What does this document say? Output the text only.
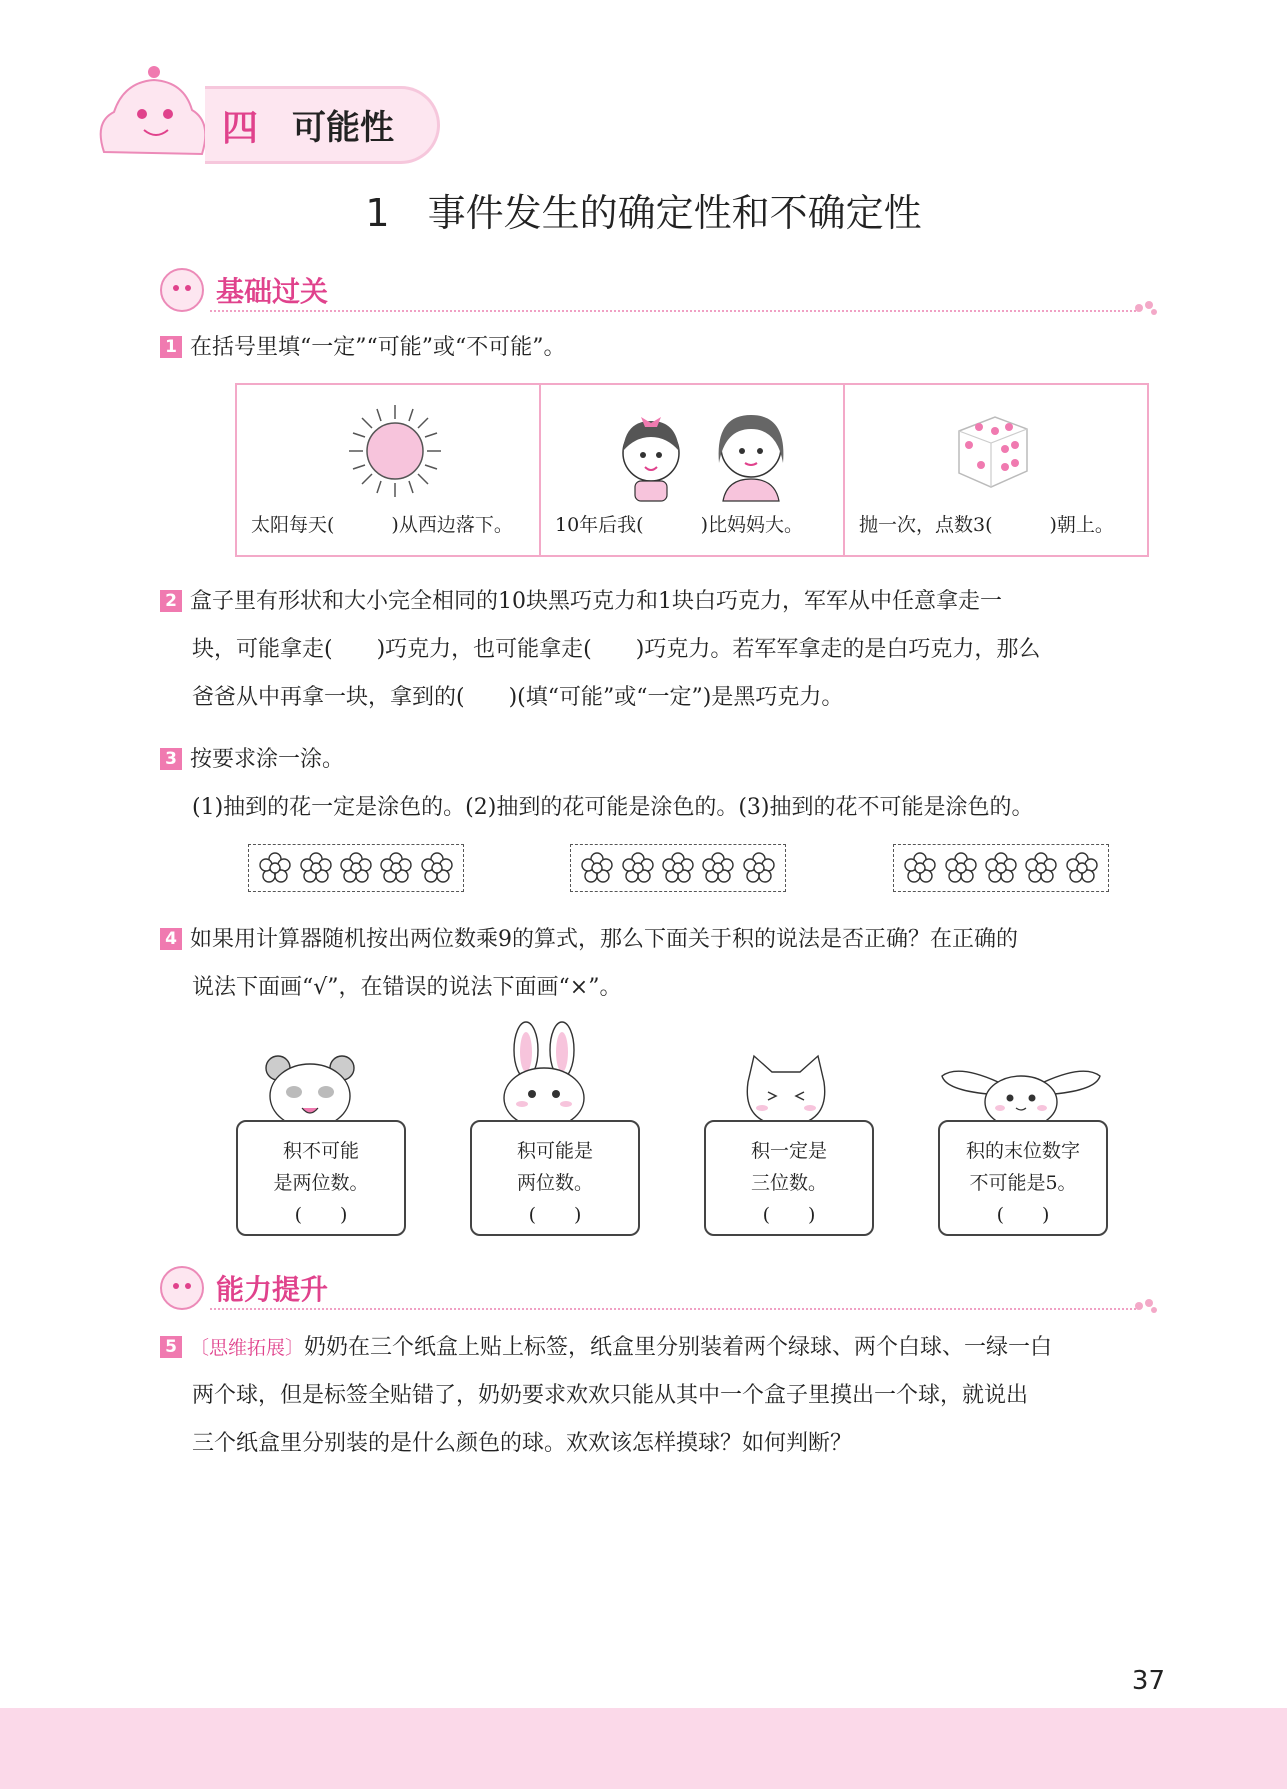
四 可能性
1　事件发生的确定性和不确定性
基础过关
1 在括号里填“一定”“可能”或“不可能”。
太阳每天(　　　)从西边落下。 10年后我(　　　)比妈妈大。	抛一次，点数3(　　　)朝上。
2 盒子里有形状和大小完全相同的10块黑巧克力和1块白巧克力，军军从中任意拿走一
块，可能拿走(　　)巧克力，也可能拿走(　　)巧克力。若军军拿走的是白巧克力，那么
爸爸从中再拿一块，拿到的(　　)(填“可能”或“一定”)是黑巧克力。
3 按要求涂一涂。
(1)抽到的花一定是涂色的。(2)抽到的花可能是涂色的。(3)抽到的花不可能是涂色的。
4 如果用计算器随机按出两位数乘9的算式，那么下面关于积的说法是否正确？在正确的
说法下面画“√”，在错误的说法下面画“×”。
积不可能
是两位数。
(　　)
积可能是
两位数。
(　　)
积一定是
三位数。
(　　)
积的末位数字
不可能是5。
(　　)
能力提升
5 〔思维拓展〕奶奶在三个纸盒上贴上标签，纸盒里分别装着两个绿球、两个白球、一绿一白
两个球，但是标签全贴错了，奶奶要求欢欢只能从其中一个盒子里摸出一个球，就说出
三个纸盒里分别装的是什么颜色的球。欢欢该怎样摸球？如何判断？
37
